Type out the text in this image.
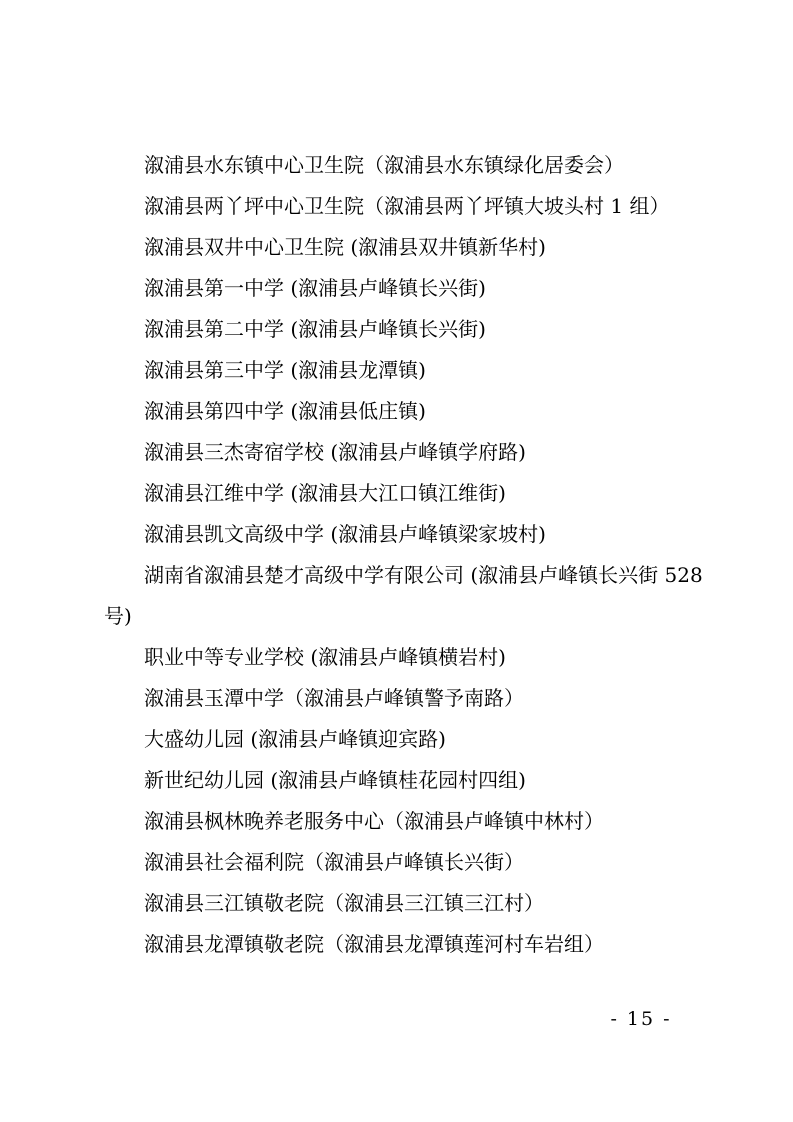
溆浦县水东镇中心卫生院（溆浦县水东镇绿化居委会）
溆浦县两丫坪中心卫生院（溆浦县两丫坪镇大坡头村 1 组）
溆浦县双井中心卫生院 (溆浦县双井镇新华村)
溆浦县第一中学 (溆浦县卢峰镇长兴街)
溆浦县第二中学 (溆浦县卢峰镇长兴街)
溆浦县第三中学 (溆浦县龙潭镇)
溆浦县第四中学 (溆浦县低庄镇)
溆浦县三杰寄宿学校 (溆浦县卢峰镇学府路)
溆浦县江维中学 (溆浦县大江口镇江维街)
溆浦县凯文高级中学 (溆浦县卢峰镇梁家坡村)
湖南省溆浦县楚才高级中学有限公司 (溆浦县卢峰镇长兴街 528 号)
职业中等专业学校 (溆浦县卢峰镇横岩村)
溆浦县玉潭中学（溆浦县卢峰镇警予南路）
大盛幼儿园 (溆浦县卢峰镇迎宾路)
新世纪幼儿园 (溆浦县卢峰镇桂花园村四组)
溆浦县枫林晚养老服务中心（溆浦县卢峰镇中林村）
溆浦县社会福利院（溆浦县卢峰镇长兴街）
溆浦县三江镇敬老院（溆浦县三江镇三江村）
溆浦县龙潭镇敬老院（溆浦县龙潭镇莲河村车岩组）
- 15 -
